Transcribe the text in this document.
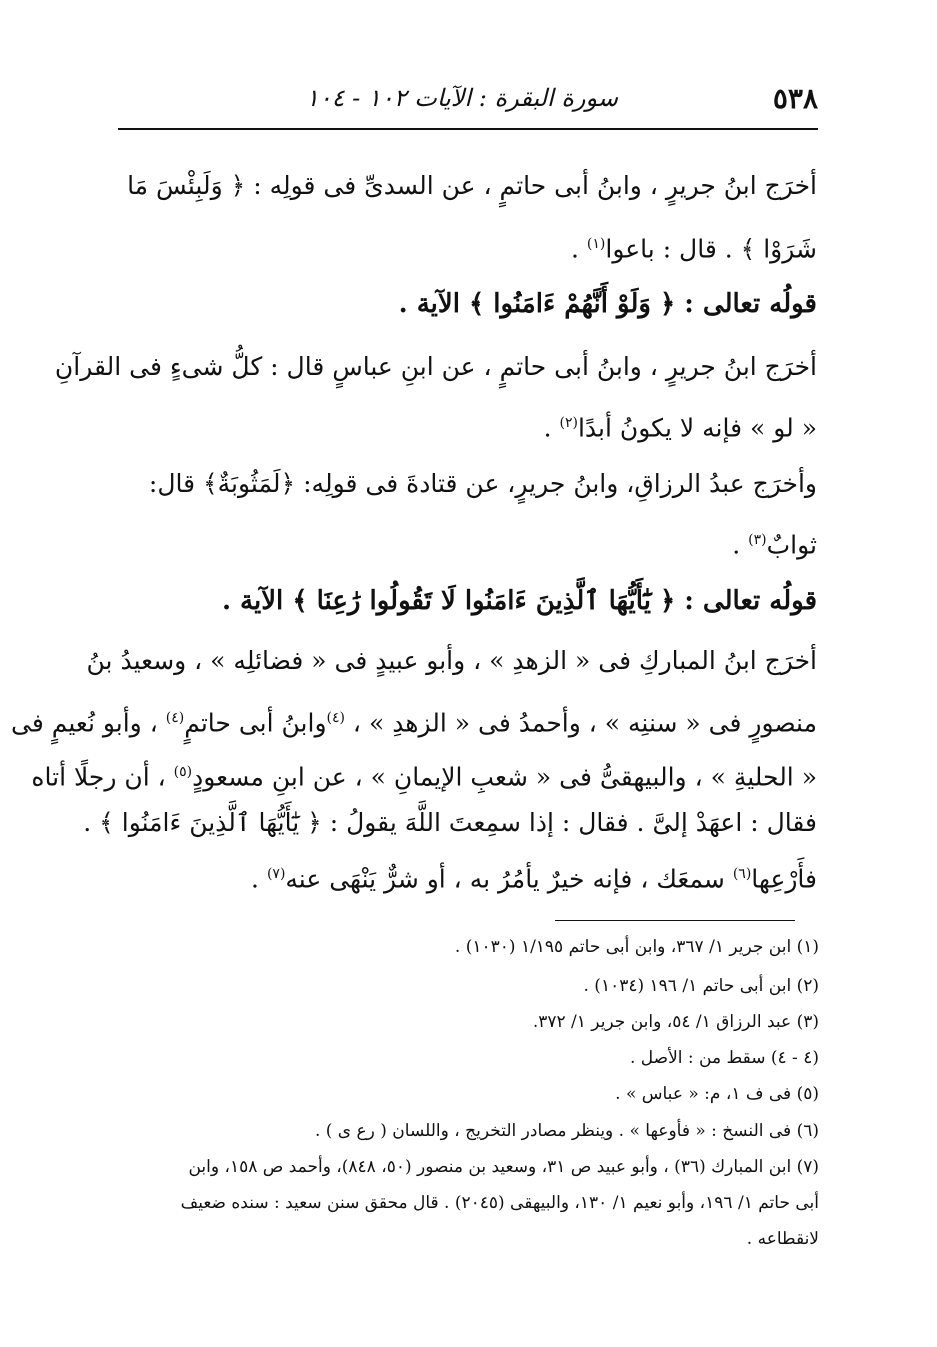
٥٣٨
سورة البقرة : الآيات ١٠٢ - ١٠٤
أخرَج ابنُ جريرٍ ، وابنُ أبى حاتمٍ ، عن السدىِّ فى قولِه : ﴿ وَلَبِئْسَ مَا
شَرَوْا ﴾ . قال : باعوا$^{(١)}$ .
قولُه تعالى : ﴿ وَلَوْ أَنَّهُمْ ءَامَنُوا ﴾ الآية .
أخرَج ابنُ جريرٍ ، وابنُ أبى حاتمٍ ، عن ابنِ عباسٍ قال : كلُّ شىءٍ فى القرآنِ
« لو » فإنه لا يكونُ أبدًا$^{(٢)}$ .
وأخرَج عبدُ الرزاقِ، وابنُ جريرٍ، عن قتادةَ فى قولِه: ﴿لَمَثُوبَةٌ﴾ قال:
ثوابٌ$^{(٣)}$ .
قولُه تعالى : ﴿ يَٰٓأَيُّهَا ٱلَّذِينَ ءَامَنُوا لَا تَقُولُوا رَٰعِنَا ﴾ الآية .
أخرَج ابنُ المباركِ فى « الزهدِ » ، وأبو عبيدٍ فى « فضائلِه » ، وسعيدُ بنُ
منصورٍ فى « سننِه » ، وأحمدُ فى « الزهدِ » ، $^{(٤)}$وابنُ أبى حاتمٍ$^{(٤)}$ ، وأبو نُعيمٍ فى
« الحليةِ » ، والبيهقىُّ فى « شعبِ الإيمانِ » ، عن ابنِ مسعودٍ$^{(٥)}$ ، أن رجلًا أتاه
فقال : اعهَدْ إلىَّ . فقال : إذا سمِعتَ اللَّهَ يقولُ : ﴿ يَٰٓأَيُّهَا ٱلَّذِينَ ءَامَنُوا ﴾ .
فأَرْعِها$^{(٦)}$ سمعَك ، فإنه خيرٌ يأمُرُ به ، أو شرٌّ يَنْهَى عنه$^{(٧)}$ .
(١) ابن جرير ١/ ٣٦٧، وابن أبى حاتم ١/١٩٥ (١٠٣٠) .
(٢) ابن أبى حاتم ١/ ١٩٦ (١٠٣٤) .
(٣) عبد الرزاق ١/ ٥٤، وابن جرير ١/ ٣٧٢.
(٤ - ٤) سقط من : الأصل .
(٥) فى ف ١، م: « عباس » .
(٦) فى النسخ : « فأوعها » . وينظر مصادر التخريج ، واللسان ( رع ى ) .
(٧) ابن المبارك (٣٦) ، وأبو عبيد ص ٣١، وسعيد بن منصور (٥٠، ٨٤٨)، وأحمد ص ١٥٨، وابن
أبى حاتم ١/ ١٩٦، وأبو نعيم ١/ ١٣٠، والبيهقى (٢٠٤٥) . قال محقق سنن سعيد : سنده ضعيف
لانقطاعه .
